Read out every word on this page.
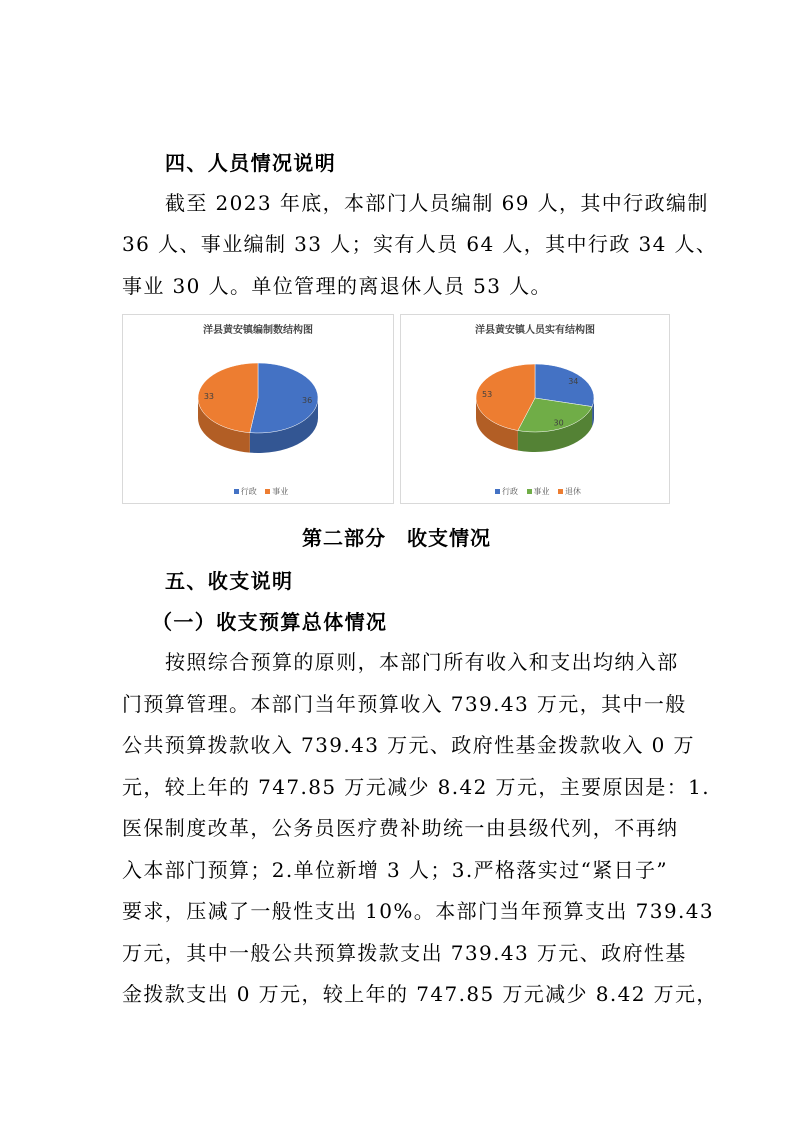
四、人员情况说明
截至 2023 年底，本部门人员编制 69 人，其中行政编制
36 人、事业编制 33 人；实有人员 64 人，其中行政 34 人、
事业 30 人。单位管理的离退休人员 53 人。
洋县黄安镇编制数结构图
36
33
行政 事业
洋县黄安镇人员实有结构图
34
30
53
行政 事业 退休
第二部分　收支情况
五、收支说明
（一）收支预算总体情况
按照综合预算的原则，本部门所有收入和支出均纳入部
门预算管理。本部门当年预算收入 739.43 万元，其中一般
公共预算拨款收入 739.43 万元、政府性基金拨款收入 0 万
元，较上年的 747.85 万元减少 8.42 万元，主要原因是：1.
医保制度改革，公务员医疗费补助统一由县级代列，不再纳
入本部门预算；2.单位新增 3 人；3.严格落实过“紧日子”
要求，压减了一般性支出 10%。本部门当年预算支出 739.43
万元，其中一般公共预算拨款支出 739.43 万元、政府性基
金拨款支出 0 万元，较上年的 747.85 万元减少 8.42 万元，
